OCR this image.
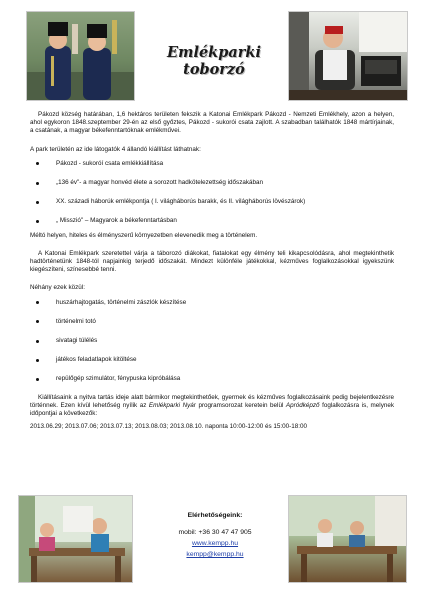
Emlékparki toborzó

Pákozd község határában, 1,6 hektáros területen fekszik a Katonai Emlékpark Pákozd - Nemzeti Emlékhely, azon a helyen, ahol egykoron 1848.szeptember 29-én az első győztes, Pákozd - sukorói csata zajlott. A szabadban találhatók 1848 mártírjainak, a csatának, a magyar békefenntartóknak emlékművei.

A park területén az ide látogatók 4 állandó kiállítást láthatnak:

Pákozd - sukoróí csata emlékkiállítása
„136 év"- a magyar honvéd élete a sorozott hadkötelezettség időszakában
XX. századi háborúk emlékpontja ( I. világháborús barakk, és II. világháborús lövészárok)
„ Misszió" – Magyarok a békefenntartásban

Méltó helyen, hiteles és élményszerű környezetben elevenedik meg a történelem.

A Katonai Emlékpark szeretettel várja a táborozó diákokat, fiatalokat egy élmény teli kikapcsolódásra, ahol megtekinthetik hadtörténetünk 1848-tól napjainkig terjedő időszakát. Mindezt különféle játékokkal, kézműves foglalkozásokkal igyekszünk kiegészíteni, színesebbé tenni.

Néhány ezek közül:

huszárhajtogatás, történelmi zászlók készítése
történelmi totó
sivatagi túlélés
játékos feladatlapok kitöltése
repülőgép szimulátor, fénypuska kipróbálása

Kiállításaink a nyitva tartás ideje alatt bármikor megtekinthetőek, gyermek és kézműves foglalkozásaink pedig bejelentkezésre történnek. Ezen kívül lehetőség nyílik az Emlékparki Nyár programsorozat keretein belül Apródképző foglalkozásra is, melynek időpontjai a következők:

2013.06.29; 2013.07.06; 2013.07.13; 2013.08.03; 2013.08.10. naponta 10:00-12:00 és 15:00-18:00

Elérhetőségeink:
mobil: +36 30 47 47 905
www.kempp.hu
kempp@kempp.hu
